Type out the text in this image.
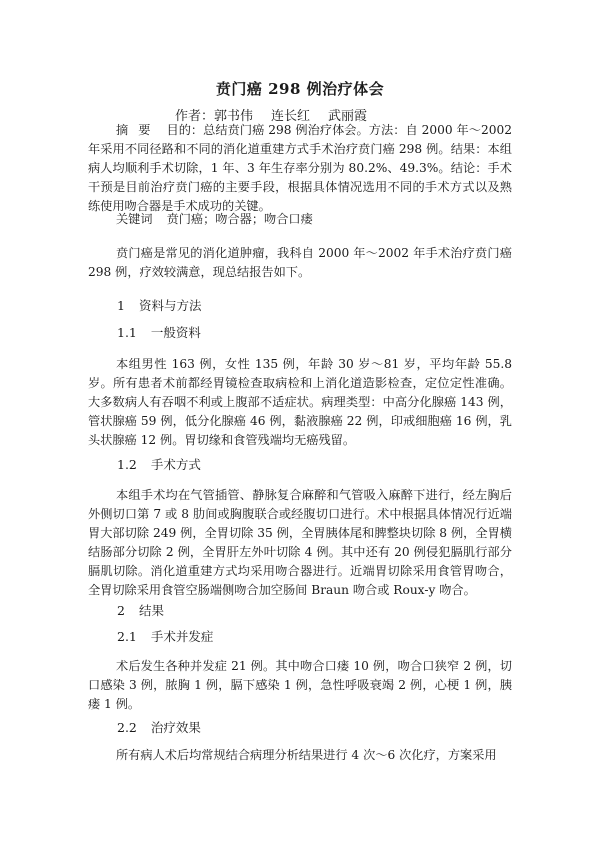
贲门癌 298 例治疗体会
作者：郭书伟 连长红 武丽霞

摘要 目的：总结贲门癌 298 例治疗体会。方法：自 2000 年～2002 年采用不同径路和不同的消化道重建方式手术治疗贲门癌 298 例。结果：本组病人均顺利手术切除，1 年、3 年生存率分别为 80.2%、49.3%。结论：手术干预是目前治疗贲门癌的主要手段，根据具体情况选用不同的手术方式以及熟练使用吻合器是手术成功的关键。

关键词 贲门癌；吻合器；吻合口瘘

贲门癌是常见的消化道肿瘤，我科自 2000 年～2002 年手术治疗贲门癌 298 例，疗效较满意，现总结报告如下。

1 资料与方法
1.1 一般资料

本组男性 163 例，女性 135 例，年龄 30 岁～81 岁，平均年龄 55.8 岁。所有患者术前都经胃镜检查取病检和上消化道造影检查，定位定性准确。大多数病人有吞咽不利或上腹部不适症状。病理类型：中高分化腺癌 143 例，管状腺癌 59 例，低分化腺癌 46 例，黏液腺癌 22 例，印戒细胞癌 16 例，乳头状腺癌 12 例。胃切缘和食管残端均无癌残留。

1.2 手术方式

本组手术均在气管插管、静脉复合麻醉和气管吸入麻醉下进行，经左胸后外侧切口第 7 或 8 肋间或胸腹联合或经腹切口进行。术中根据具体情况行近端胃大部切除 249 例，全胃切除 35 例，全胃胰体尾和脾整块切除 8 例，全胃横结肠部分切除 2 例，全胃肝左外叶切除 4 例。其中还有 20 例侵犯膈肌行部分膈肌切除。消化道重建方式均采用吻合器进行。近端胃切除采用食管胃吻合，全胃切除采用食管空肠端侧吻合加空肠间 Braun 吻合或 Roux-y 吻合。

2 结果
2.1 手术并发症

术后发生各种并发症 21 例。其中吻合口瘘 10 例，吻合口狭窄 2 例，切口感染 3 例，脓胸 1 例，膈下感染 1 例，急性呼吸衰竭 2 例，心梗 1 例，胰瘘 1 例。

2.2 治疗效果

所有病人术后均常规结合病理分析结果进行 4 次～6 次化疗，方案采用
